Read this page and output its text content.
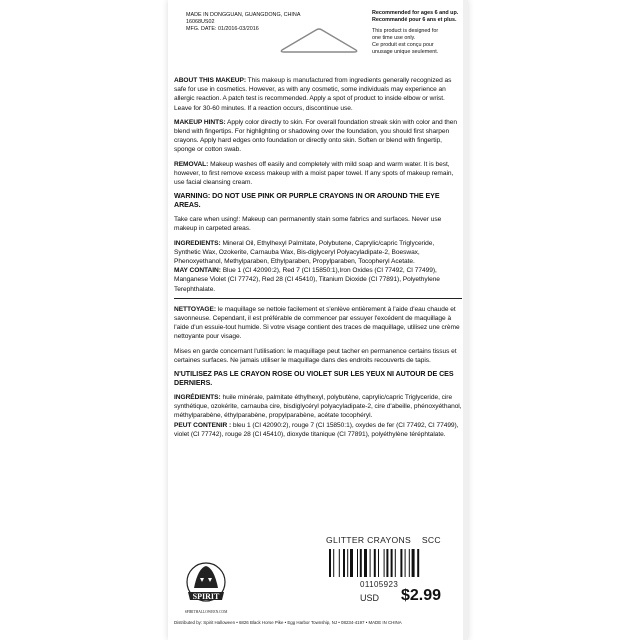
MADE IN DONGGUAN, GUANGDONG, CHINA
16068US02
MFG. DATE: 01/2016-03/2016

Recommended for ages 6 and up.
Recommandé pour 6 ans et plus.

This product is designed for
one time use only.
Ce produit est conçu pour
unusage unique seulement.

ABOUT THIS MAKEUP: This makeup is manufactured from ingredients generally recognized as safe for use in cosmetics. However, as with any cosmetic, some individuals may experience an allergic reaction. A patch test is recommended. Apply a spot of product to inside elbow or wrist. Leave for 30-60 minutes. If a reaction occurs, discontinue use.

MAKEUP HINTS: Apply color directly to skin. For overall foundation streak skin with color and then blend with fingertips. For highlighting or shadowing over the foundation, you should first sharpen crayons. Apply hard edges onto foundation or directly onto skin. Soften or blend with fingertip, sponge or cotton swab.

REMOVAL: Makeup washes off easily and completely with mild soap and warm water. It is best, however, to first remove excess makeup with a moist paper towel. If any spots of makeup remain, use facial cleansing cream.

WARNING: DO NOT USE PINK OR PURPLE CRAYONS IN OR AROUND THE EYE AREAS.

Take care when using!: Makeup can permanently stain some fabrics and surfaces. Never use makeup in carpeted areas.

INGREDIENTS: Mineral Oil, Ethylhexyl Palmitate, Polybutene, Caprylic/capric Triglyceride, Synthetic Wax, Ozokerite, Carnauba Wax, Bis-diglyceryl Polyacyladipate-2, Boeswax, Phenoxyethanol, Methylparaben, Ethylparaben, Propylparaben, Tocopheryl Acetate.
MAY CONTAIN: Blue 1 (CI 42090:2), Red 7 (CI 15850:1),Iron Oxides (CI 77492, CI 77499), Manganese Violet (CI 77742), Red 28 (CI 45410), Titanium Dioxide (CI 77891), Polyethylene Terephthalate.

NETTOYAGE: le maquillage se nettoie facilement et s'enlève entièrement à l'aide d'eau chaude et savonneuse. Cependant, il est préférable de commencer par essuyer l'excédent de maquillage à l'aide d'un essuie-tout humide. Si votre visage contient des traces de maquillage, utilisez une crème nettoyante pour visage.

Mises en garde concernant l'utilisation: le maquillage peut tacher en permanence certains tissus et certaines surfaces. Ne jamais utiliser le maquillage dans des endroits recouverts de tapis.

N'UTILISEZ PAS LE CRAYON ROSE OU VIOLET SUR LES YEUX NI AUTOUR DE CES DERNIERS.

INGRÉDIENTS: huile minérale, palmitate éthylhexyl, polybutène, caprylic/capric Triglyceride, cire synthétique, ozokérite, carnauba cire, bisdiglycéryl polyacyladipate-2, cire d'abeille, phénoxyéthanol, méthylparabène, éthylparabène, propylparabène, acétate tocophéryl.
PEUT CONTENIR : bleu 1 (CI 42090:2), rouge 7 (CI 15850:1), oxydes de fer (CI 77492, CI 77499), violet (CI 77742), rouge 28 (CI 45410), dioxyde titanique (CI 77891), polyéthylène téréphtalate.

GLITTER CRAYONS SCC
01105923
USD $2.99
SPIRIT
SPIRITHALLOWEEN.COM
Distributed by: Spirit Halloween • 6826 Black Horse Pike • Egg Harbor Township, NJ • 08234-4197 • MADE IN CHINA
